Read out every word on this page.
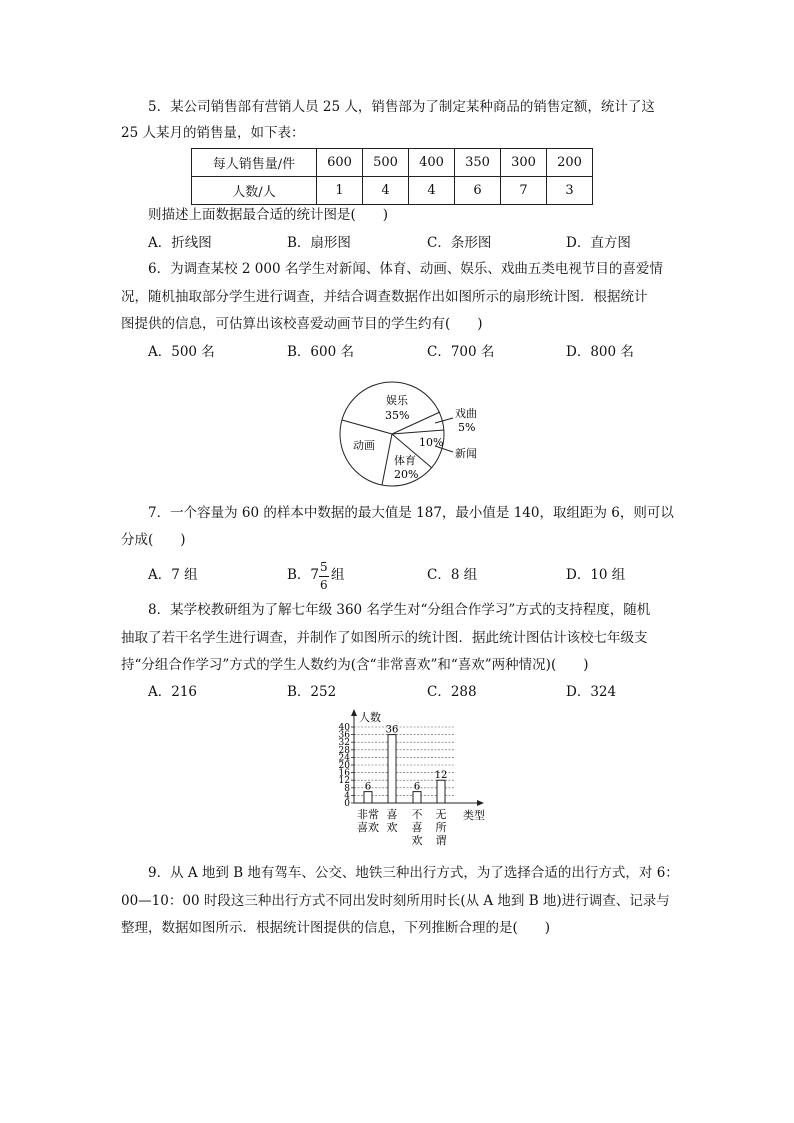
5．某公司销售部有营销人员 25 人，销售部为了制定某种商品的销售定额，统计了这
25 人某月的销售量，如下表：
每人销售量/件	600	500	400	350	300	200
人数/人	1	4	4	6	7	3
则描述上面数据最合适的统计图是(　　)
A．折线图	B．扇形图	C．条形图	D．直方图
6．为调查某校 2 000 名学生对新闻、体育、动画、娱乐、戏曲五类电视节目的喜爱情
况，随机抽取部分学生进行调查，并结合调查数据作出如图所示的扇形统计图．根据统计
图提供的信息，可估算出该校喜爱动画节目的学生约有(　　)
A．500 名	B．600 名	C．700 名	D．800 名
娱乐
35%	戏曲
5%
10%
新闻
动画
体育
20%
7．一个容量为 60 的样本中数据的最大值是 187，最小值是 140，取组距为 6，则可以
分成(　　)
A．7 组	B．$7 \frac{5}{6}$ 组	C．8 组	D．10 组
8．某学校教研组为了解七年级 360 名学生对“分组合作学习”方式的支持程度，随机
抽取了若干名学生进行调查，并制作了如图所示的统计图．据此统计图估计该校七年级支
持“分组合作学习”方式的学生人数约为(含“非常喜欢”和“喜欢”两种情况)(　　)
A．216	B．252	C．288	D．324
0
4
8
12
16
20
24
28
32
36
40
人数
类型
6
非常
喜欢
36
喜
欢
6
不
喜
欢
12
无
所
谓
9．从 A 地到 B 地有驾车、公交、地铁三种出行方式，为了选择合适的出行方式，对 6：
00—10：00 时段这三种出行方式不同出发时刻所用时长(从 A 地到 B 地)进行调查、记录与
整理，数据如图所示．根据统计图提供的信息，下列推断合理的是(　　)
